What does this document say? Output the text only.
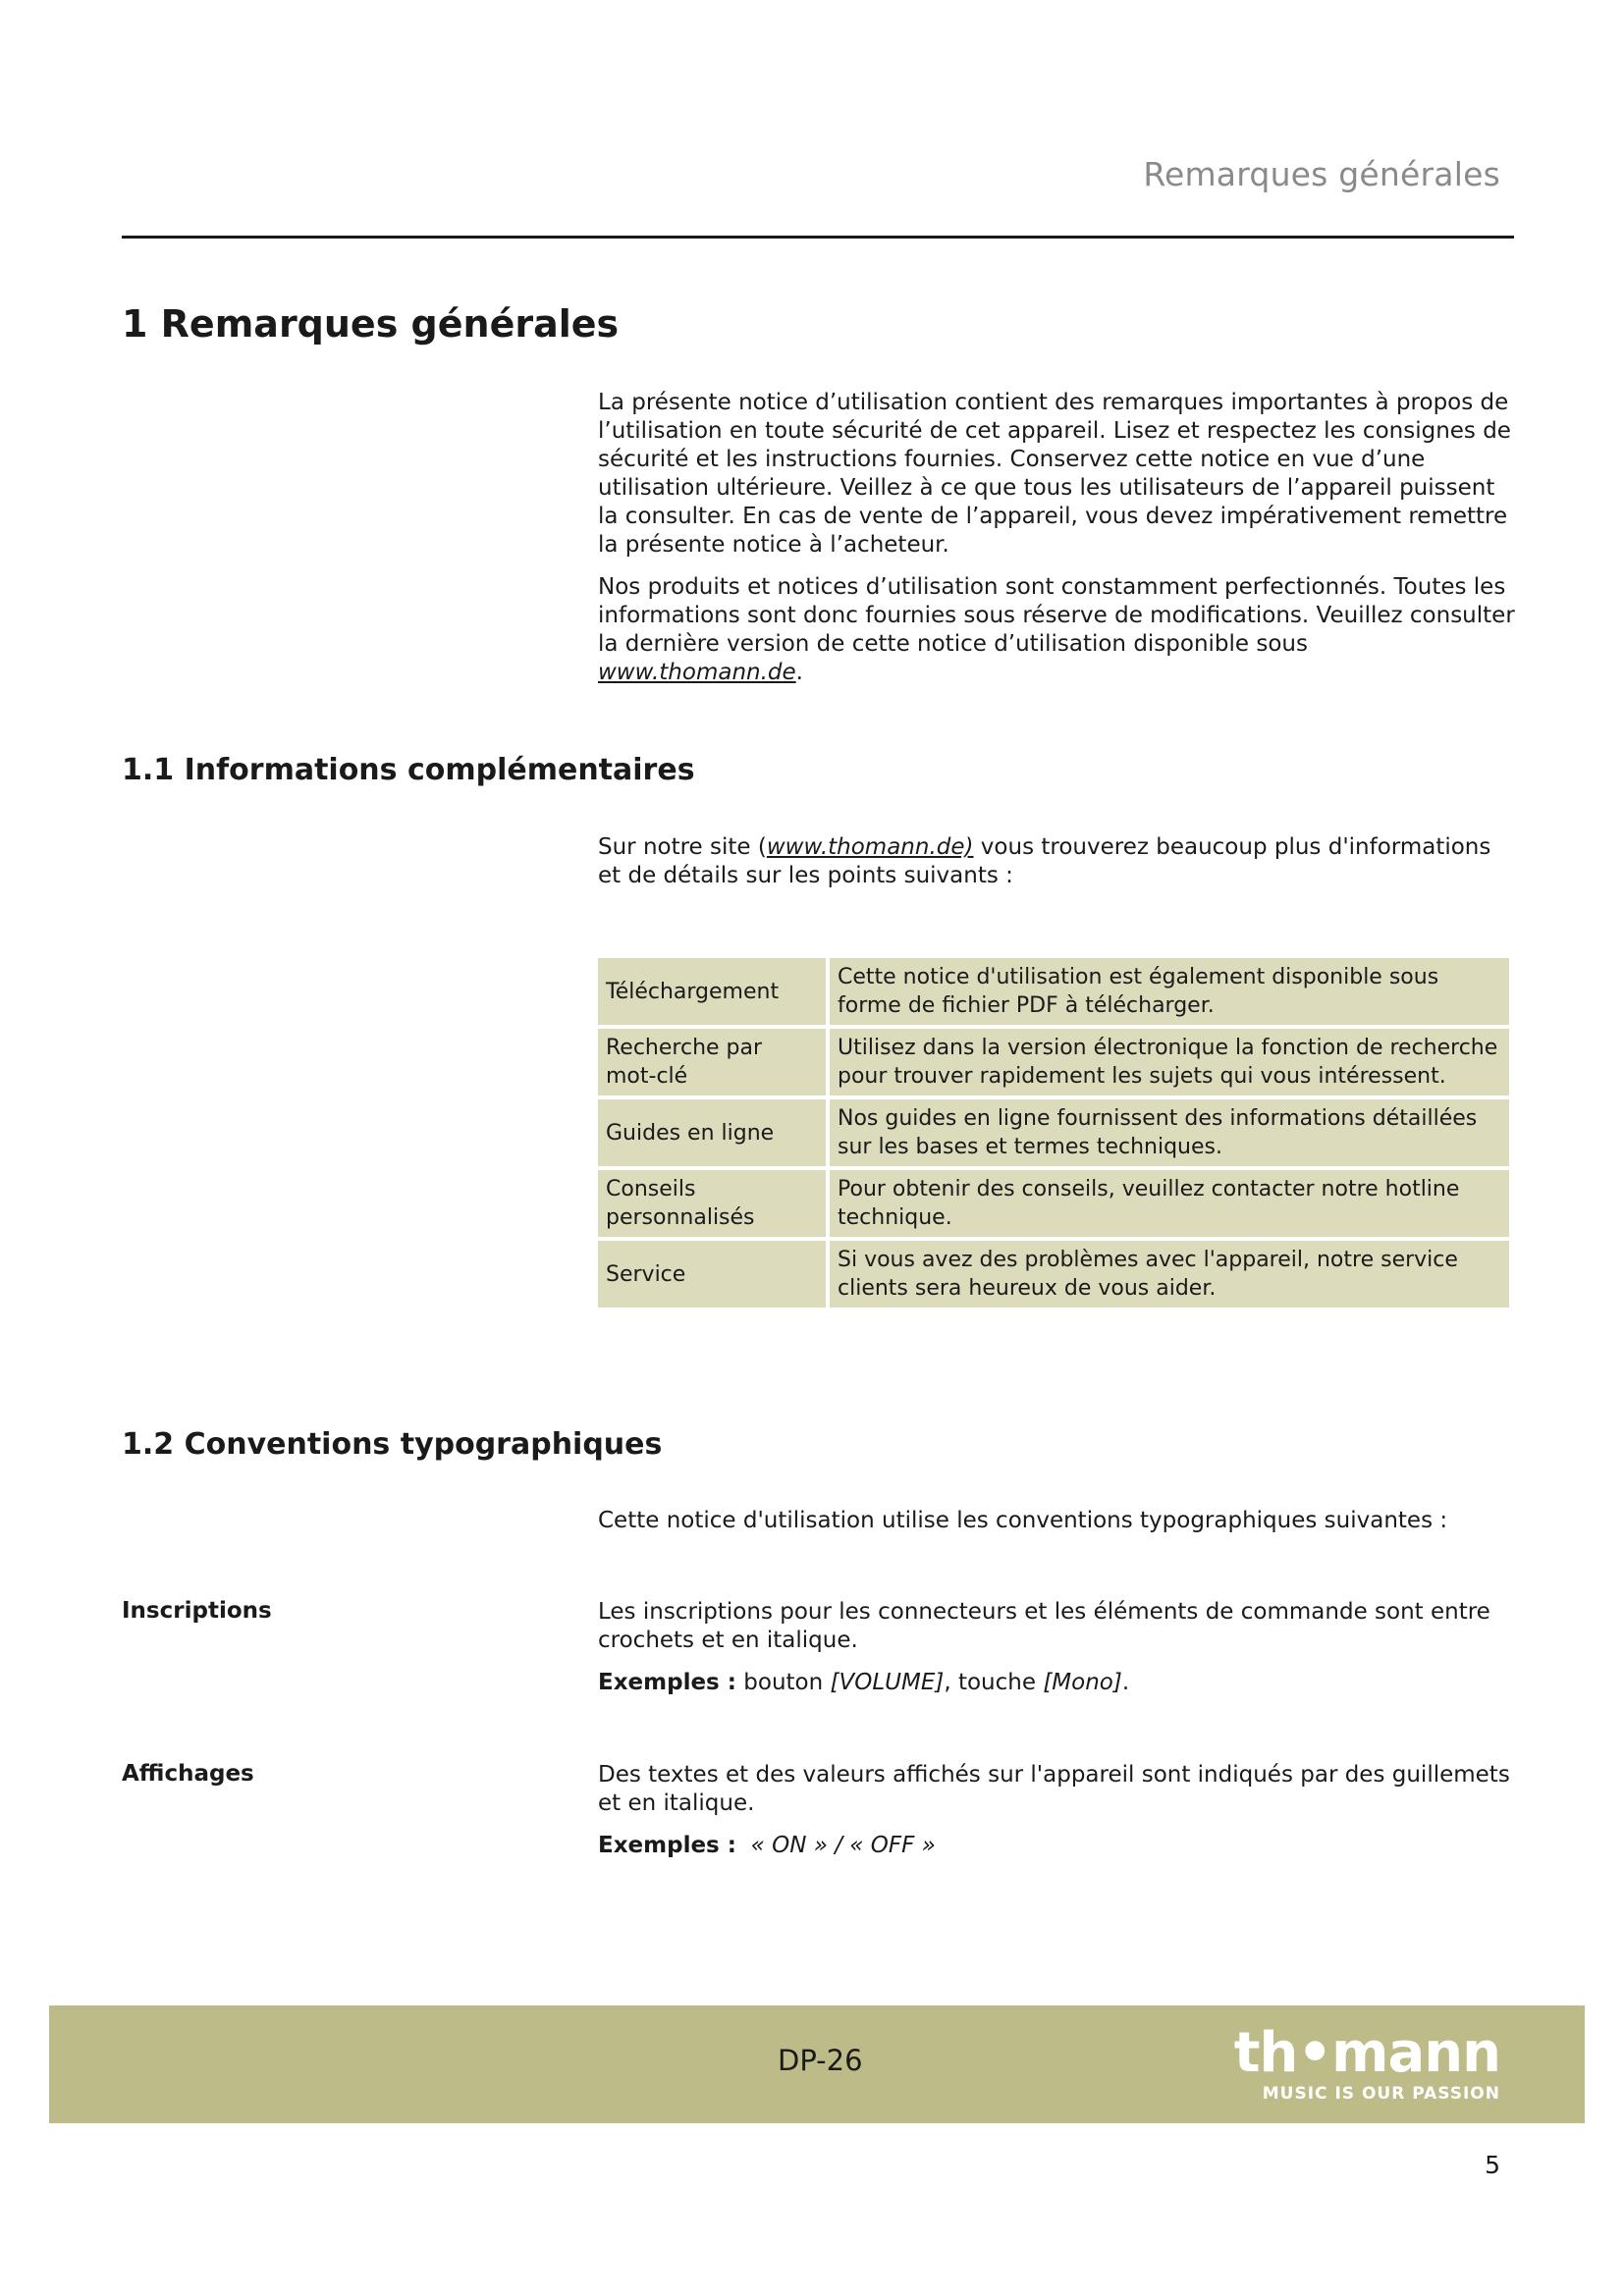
Remarques générales
1 Remarques générales

La présente notice d’utilisation contient des remarques importantes à propos de l’utilisation en toute sécurité de cet appareil. Lisez et respectez les consignes de sécurité et les instructions fournies. Conservez cette notice en vue d’une utilisation ultérieure. Veillez à ce que tous les utilisateurs de l’appareil puissent la consulter. En cas de vente de l’appareil, vous devez impérativement remettre la présente notice à l’acheteur.

Nos produits et notices d’utilisation sont constamment perfectionnés. Toutes les informations sont donc fournies sous réserve de modifications. Veuillez consulter la dernière version de cette notice d’utilisation disponible sous www.thomann.de.

1.1 Informations complémentaires

Sur notre site (www.thomann.de) vous trouverez beaucoup plus d'informations et de détails sur les points suivants :

Téléchargement	Cette notice d'utilisation est également disponible sous forme de fichier PDF à télécharger.
Recherche par mot-clé	Utilisez dans la version électronique la fonction de recherche pour trouver rapidement les sujets qui vous intéressent.
Guides en ligne	Nos guides en ligne fournissent des informations détaillées sur les bases et termes techniques.
Conseils personnalisés	Pour obtenir des conseils, veuillez contacter notre hotline technique.
Service	Si vous avez des problèmes avec l'appareil, notre service clients sera heureux de vous aider.
1.2 Conventions typographiques

Cette notice d'utilisation utilise les conventions typographiques suivantes :

Inscriptions	Les inscriptions pour les connecteurs et les éléments de commande sont entre crochets et en italique.

Exemples : bouton [VOLUME], touche [Mono].

Affichages	Des textes et des valeurs affichés sur l'appareil sont indiqués par des guillemets et en italique.

Exemples : « ON » / « OFF »

DP-26	th•mann
MUSIC IS OUR PASSION
5
